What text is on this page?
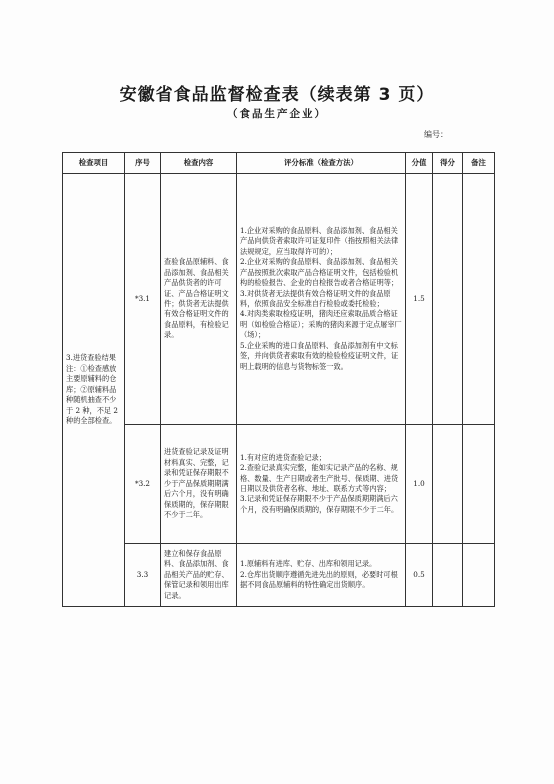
安徽省食品监督检查表（续表第 3 页）
（食品生产企业）
编号：
检查项目	序号	检查内容	评分标准（检查方法）	分值	得分	备注
3.进货查验结果注：①检查感放主要原辅料的仓库；②原辅料品种随机抽查不少于 2 种，不足 2 种的全部检查。	*3.1	查验食品原辅料、食品添加剂、食品相关产品供货者的许可证、产品合格证明文件；供货者无法提供有效合格证明文件的食品原料，有检验记录。	1.企业对采购的食品原料、食品添加剂、食品相关产品向供货者索取许可证复印件（指按照相关法律法规规定，应当取得许可的）；
2.企业对采购的食品原料、食品添加剂、食品相关产品按照批次索取产品合格证明文件，包括检验机构的检验报告、企业的自检报告或者合格证明等；
3.对供货者无法提供有效合格证明文件的食品原料，依照食品安全标准自行检验或委托检验；
4.对肉类索取检疫证明，猪肉还应索取品质合格证明（如检验合格证）；采购的猪肉来源于定点屠宰厂（场）；
5.企业采购的进口食品原料、食品添加剂有中文标签，并向供货者索取有效的检验检疫证明文件，证明上载明的信息与货物标签一致。	1.5		
	*3.2	进货查验记录及证明材料真实、完整，记录和凭证保存期限不少于产品保质期期满后六个月，没有明确保质期的，保存期限不少于二年。	1.有对应的进货查验记录；
2.查验记录真实完整，能如实记录产品的名称、规格、数量、生产日期或者生产批号、保质期、进货日期以及供货者名称、地址、联系方式等内容；
3.记录和凭证保存期限不少于产品保质期期满后六个月，没有明确保质期的，保存期限不少于二年。	1.0		
	3.3	建立和保存食品原料、食品添加剂、食品相关产品的贮存、保管记录和领用出库记录。	1.原辅料有进库、贮存、出库和领用记录。
2.仓库出货顺序遵循先进先出的原则，必要时可根据不同食品原辅料的特性确定出货顺序。	0.5		
